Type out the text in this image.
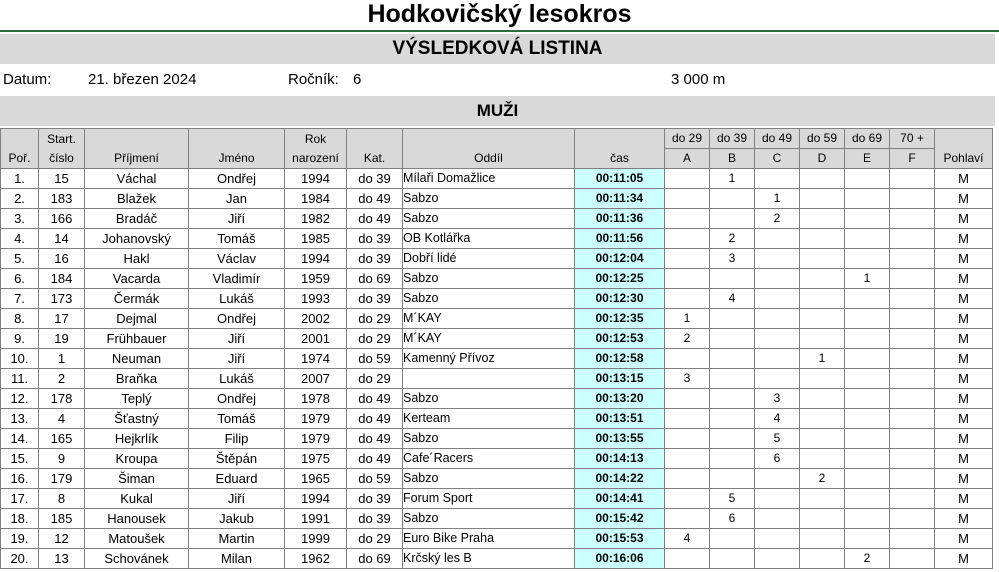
Hodkovičský lesokros
VÝSLEDKOVÁ LISTINA
Datum: 21. březen 2024	Ročník: 6	3 000 m
MUŽI
Poř.	Start.	Příjmení	Jméno	Rok	Kat.	Oddíl	čas	do 29	do 39	do 49	do 59	do 69	70 +	Pohlaví
	číslo			narození				A	B	C	D	E	F	
1.	15	Váchal	Ondřej	1994	do 39	Mílaři Domažlice	00:11:05		1					M
2.	183	Blažek	Jan	1984	do 49	Sabzo	00:11:34			1				M
3.	166	Bradáč	Jiří	1982	do 49	Sabzo	00:11:36			2				M
4.	14	Johanovský	Tomáš	1985	do 39	OB Kotlářka	00:11:56		2					M
5.	16	Hakl	Václav	1994	do 39	Dobří lidé	00:12:04		3					M
6.	184	Vacarda	Vladimír	1959	do 69	Sabzo	00:12:25					1		M
7.	173	Čermák	Lukáš	1993	do 39	Sabzo	00:12:30		4					M
8.	17	Dejmal	Ondřej	2002	do 29	M´KAY	00:12:35	1						M
9.	19	Frühbauer	Jiří	2001	do 29	M´KAY	00:12:53	2						M
10.	1	Neuman	Jiří	1974	do 59	Kamenný Přívoz	00:12:58				1			M
11.	2	Braňka	Lukáš	2007	do 29		00:13:15	3						M
12.	178	Teplý	Ondřej	1978	do 49	Sabzo	00:13:20			3				M
13.	4	Šťastný	Tomáš	1979	do 49	Kerteam	00:13:51			4				M
14.	165	Hejkrlík	Filip	1979	do 49	Sabzo	00:13:55			5				M
15.	9	Kroupa	Štěpán	1975	do 49	Cafe´Racers	00:14:13			6				M
16.	179	Šiman	Eduard	1965	do 59	Sabzo	00:14:22				2			M
17.	8	Kukal	Jiří	1994	do 39	Forum Sport	00:14:41		5					M
18.	185	Hanousek	Jakub	1991	do 39	Sabzo	00:15:42		6					M
19.	12	Matoušek	Martin	1999	do 29	Euro Bike Praha	00:15:53	4						M
20.	13	Schovánek	Milan	1962	do 69	Krčský les B	00:16:06					2		M
